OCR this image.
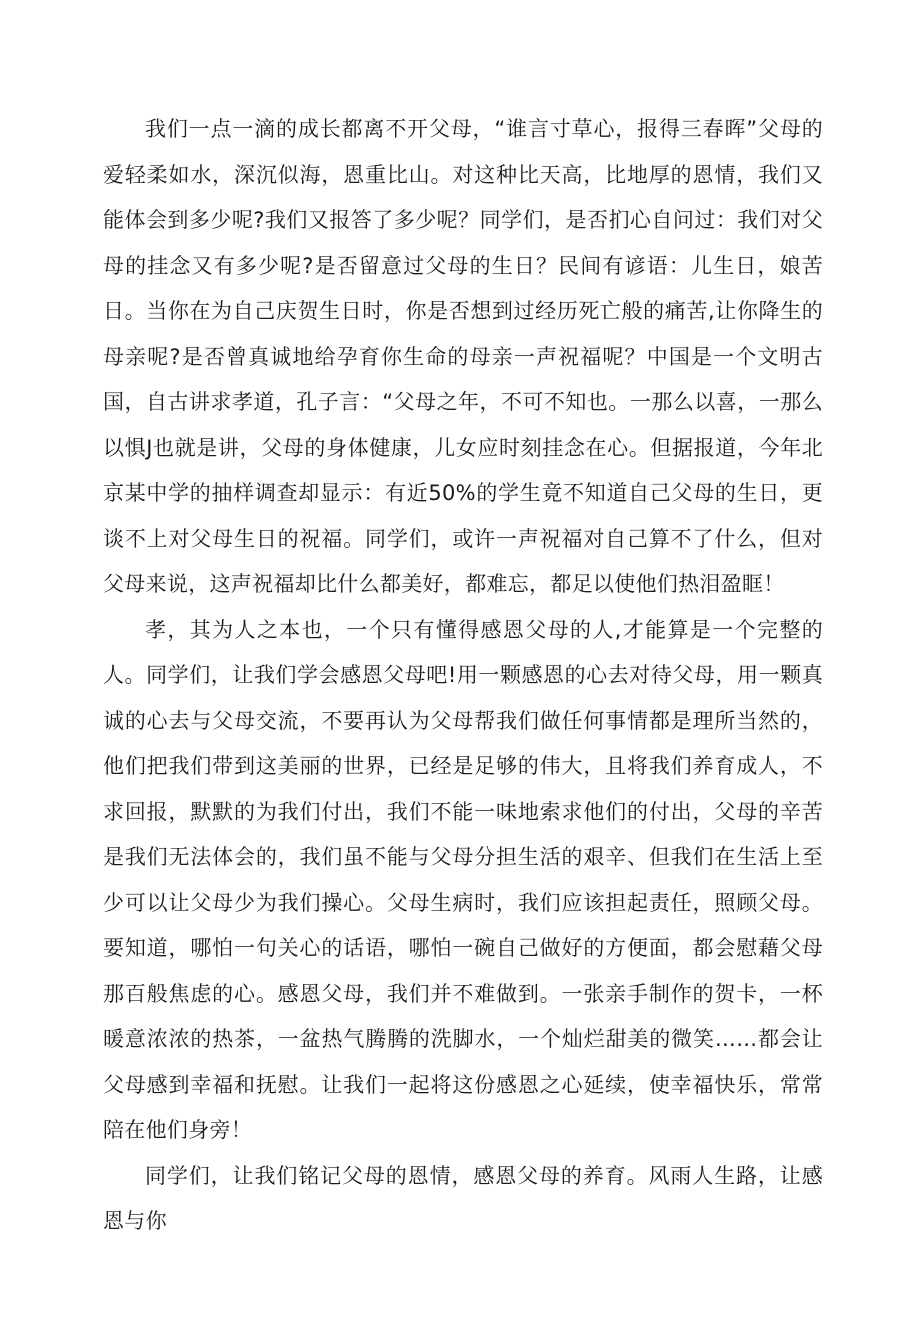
我们一点一滴的成长都离不开父母，“谁言寸草心，报得三春晖”父母的爱轻柔如水，深沉似海，恩重比山。对这种比天高，比地厚的恩情，我们又能体会到多少呢?我们又报答了多少呢？同学们，是否扪心自问过：我们对父母的挂念又有多少呢?是否留意过父母的生日？民间有谚语：儿生日，娘苦日。当你在为自己庆贺生日时，你是否想到过经历死亡般的痛苦,让你降生的母亲呢?是否曾真诚地给孕育你生命的母亲一声祝福呢？中国是一个文明古国，自古讲求孝道，孔子言：“父母之年，不可不知也。一那么以喜，一那么以惧J也就是讲，父母的身体健康，儿女应时刻挂念在心。但据报道，今年北京某中学的抽样调查却显示：有近50%的学生竟不知道自己父母的生日，更谈不上对父母生日的祝福。同学们，或许一声祝福对自己算不了什么，但对父母来说，这声祝福却比什么都美好，都难忘，都足以使他们热泪盈眶！

孝，其为人之本也，一个只有懂得感恩父母的人,才能算是一个完整的人。同学们，让我们学会感恩父母吧!用一颗感恩的心去对待父母，用一颗真诚的心去与父母交流，不要再认为父母帮我们做任何事情都是理所当然的，他们把我们带到这美丽的世界，已经是足够的伟大，且将我们养育成人，不求回报，默默的为我们付出，我们不能一味地索求他们的付出，父母的辛苦是我们无法体会的，我们虽不能与父母分担生活的艰辛、但我们在生活上至少可以让父母少为我们操心。父母生病时，我们应该担起责任，照顾父母。要知道，哪怕一句关心的话语，哪怕一碗自己做好的方便面，都会慰藉父母那百般焦虑的心。感恩父母，我们并不难做到。一张亲手制作的贺卡，一杯暖意浓浓的热茶，一盆热气腾腾的洗脚水，一个灿烂甜美的微笑……都会让父母感到幸福和抚慰。让我们一起将这份感恩之心延续，使幸福快乐，常常陪在他们身旁！

同学们，让我们铭记父母的恩情，感恩父母的养育。风雨人生路，让感恩与你
